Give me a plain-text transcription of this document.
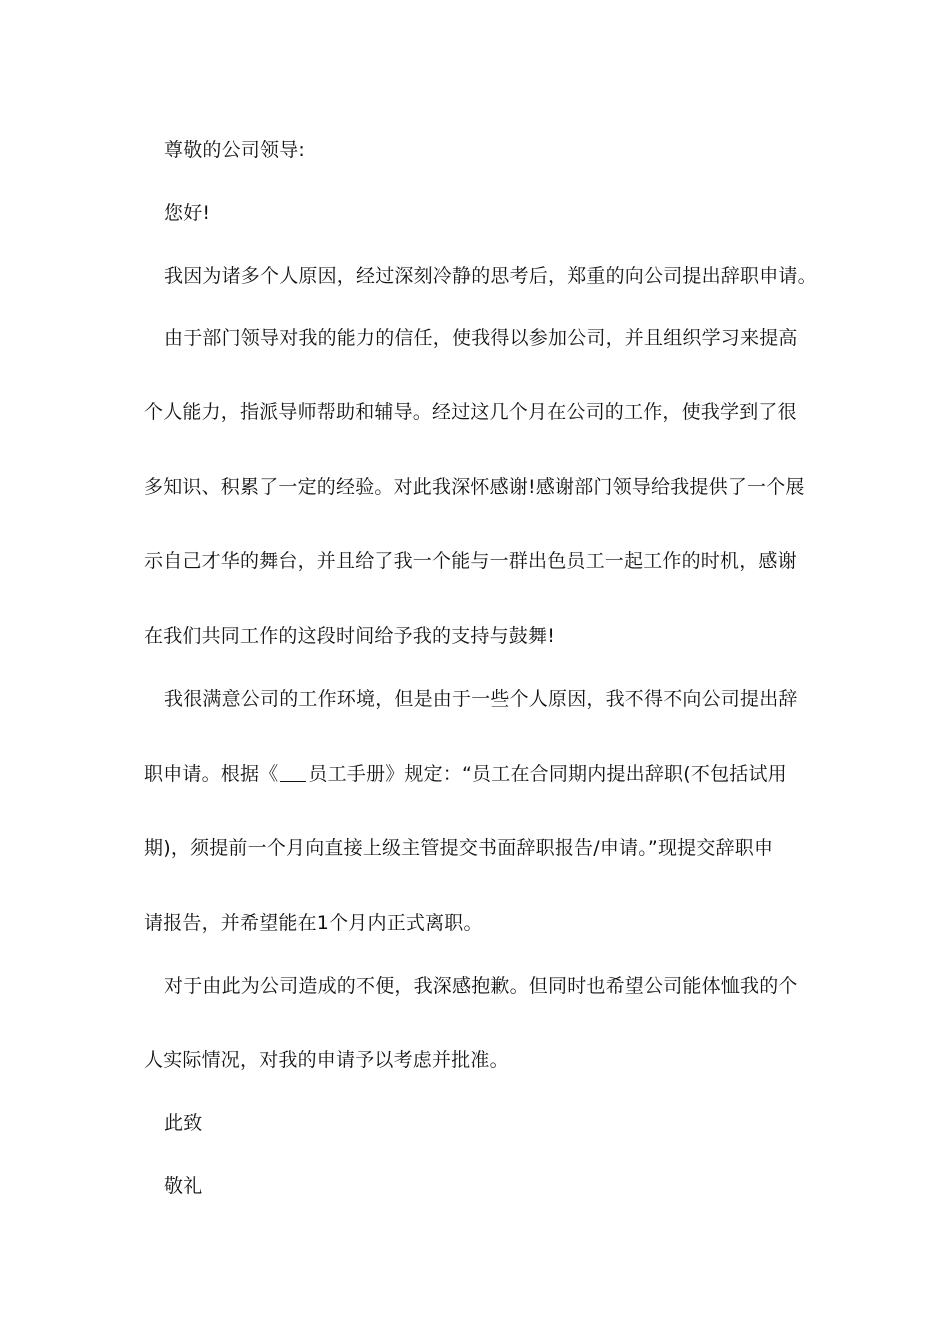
尊敬的公司领导:
您好!
我因为诸多个人原因，经过深刻冷静的思考后，郑重的向公司提出辞职申请。
由于部门领导对我的能力的信任，使我得以参加公司，并且组织学习来提高
个人能力，指派导师帮助和辅导。经过这几个月在公司的工作，使我学到了很
多知识、积累了一定的经验。对此我深怀感谢!感谢部门领导给我提供了一个展
示自己才华的舞台，并且给了我一个能与一群出色员工一起工作的时机，感谢
在我们共同工作的这段时间给予我的支持与鼓舞!
我很满意公司的工作环境，但是由于一些个人原因，我不得不向公司提出辞
职申请。根据《 员工手册》规定：“员工在合同期内提出辞职(不包括试用
期)，须提前一个月向直接上级主管提交书面辞职报告/申请。”现提交辞职申
请报告，并希望能在1个月内正式离职。
对于由此为公司造成的不便，我深感抱歉。但同时也希望公司能体恤我的个
人实际情况，对我的申请予以考虑并批准。
此致
敬礼
